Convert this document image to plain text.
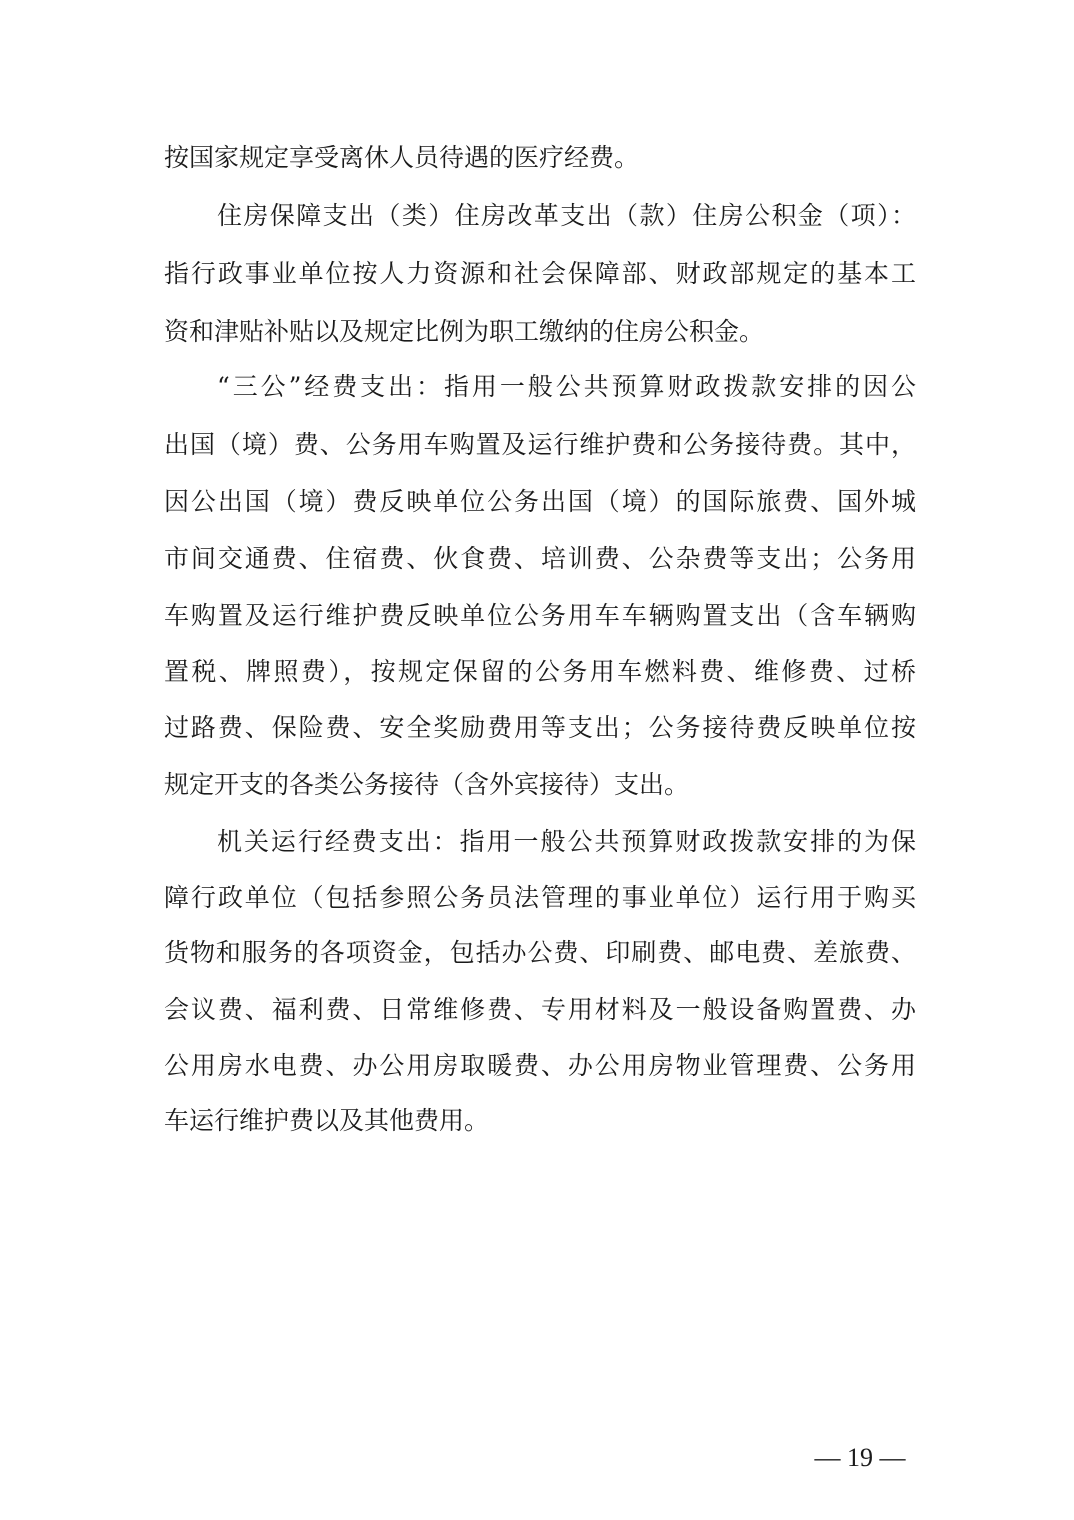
按国家规定享受离休人员待遇的医疗经费。
住房保障支出（类）住房改革支出（款）住房公积金（项）：
指行政事业单位按人力资源和社会保障部、财政部规定的基本工
资和津贴补贴以及规定比例为职工缴纳的住房公积金。
“三公”经费支出：指用一般公共预算财政拨款安排的因公
出国（境）费、公务用车购置及运行维护费和公务接待费。其中，
因公出国（境）费反映单位公务出国（境）的国际旅费、国外城
市间交通费、住宿费、伙食费、培训费、公杂费等支出；公务用
车购置及运行维护费反映单位公务用车车辆购置支出（含车辆购
置税、牌照费），按规定保留的公务用车燃料费、维修费、过桥
过路费、保险费、安全奖励费用等支出；公务接待费反映单位按
规定开支的各类公务接待（含外宾接待）支出。
机关运行经费支出：指用一般公共预算财政拨款安排的为保
障行政单位（包括参照公务员法管理的事业单位）运行用于购买
货物和服务的各项资金，包括办公费、印刷费、邮电费、差旅费、
会议费、福利费、日常维修费、专用材料及一般设备购置费、办
公用房水电费、办公用房取暖费、办公用房物业管理费、公务用
车运行维护费以及其他费用。
— 19 —
